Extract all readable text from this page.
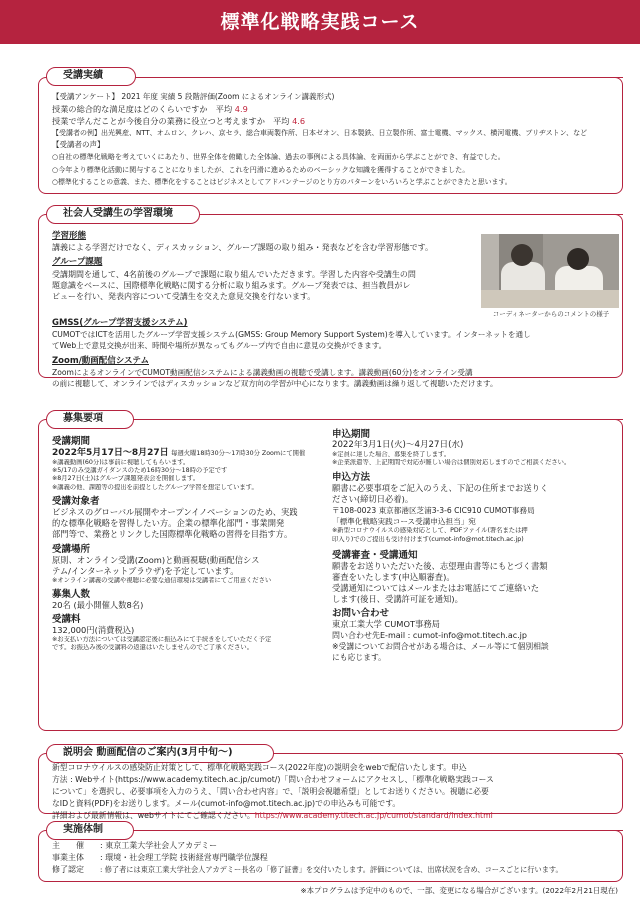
標準化戦略実践コース
受講実績
【受講アンケート】 2021 年度 実績 5 段階評価(Zoom によるオンライン講義形式)
授業の総合的な満足度はどのくらいですか　 平均 4.9
授業で学んだことが今後自分の業務に役立つと考えますか　 平均 4.6
【受講者の例】出光興産、NTT、オムロン、クレハ、京セラ、総合車両製作所、日本ゼオン、日本製鉄、日立製作所、富士電機、マックス、横河電機、ブリヂストン、など
【受講者の声】
○自社の標準化戦略を考えていくにあたり、世界全体を俯瞰した全体論、過去の事例による具体論、を両面から学ぶことができ、有益でした。
○今年より標準化活動に関与することになりましたが、これを円滑に進めるためのベーシックな知識を獲得することができました。
○標準化することの意義、また、標準化をすることはビジネスとしてアドバンテージのとり方のパターンをいろいろと学ぶことができたと思います。
社会人受講生の学習環境
学習形態
講義による学習だけでなく、ディスカッション、グループ課題の取り組み・発表などを含む学習形態です。
グループ課題
受講期間を通して、4名前後のグループで課題に取り組んでいただきます。学習した内容や受講生の問
題意識をベースに、国際標準化戦略に関する分析に取り組みます。グループ発表では、担当教員がレ
ビューを行い、発表内容について受講生を交えた意見交換を行ないます。
GMSS(グループ学習支援システム)
CUMOTではICTを活用したグループ学習支援システム(GMSS: Group Memory Support System)を導入しています。インターネットを通し
てWeb上で意見交換が出来、時間や場所が異なってもグループ内で自由に意見の交換ができます。
Zoom/動画配信システム
ZoomによるオンラインでCUMOT動画配信システムによる講義動画の視聴で受講します。講義動画(60分)をオンライン受講
の前に視聴して、オンラインではディスカッションなど双方向の学習が中心になります。講義動画は繰り返して視聴いただけます。
コーディネーターからのコメントの様子
募集要項
受講期間
2022年5月17日〜8月27日 毎週火曜18時30分〜17時30分 Zoomにて開催
※講義動画(60分)は事前に視聴してもらいます。
※5/17のみ受講ガイダンスのため16時30分〜18時の予定です
※8月27日(土)はグループ課題発表会を開催します。
※講義の他、課題等の提出を前提としたグループ学習を想定しています。
受講対象者
ビジネスのグローバル展開やオープンイノベーションのため、実践
的な標準化戦略を習得したい方。企業の標準化部門・事業開発
部門等で、業務とリンクした国際標準化戦略の習得を目指す方。
受講場所
原則、オンライン受講(Zoom)と動画視聴(動画配信シス
テム/インターネットブラウザ)を予定しています。
※オンライン講義の受講や視聴に必要な通信環境は受講者にてご用意ください
募集人数
20名 (最小開催人数8名)
受講料
132,000円(消費税込)
※お支払い方法については受講認定後に振込みにて手続きをしていただく予定
です。お振込み後の受講料の返還はいたしませんのでご了承ください。
申込期間
2022年3月1日(火)〜4月27日(水)
※定員に達した場合、募集を終了します。
※企業派遣等、上記期間で対応が難しい場合は個別対応しますのでご相談ください。
申込方法
願書に必要事項をご記入のうえ、下記の住所までお送りく
ださい(締切日必着)。
〒108-0023 東京都港区芝浦3-3-6 CIC910 CUMOT事務局
「標準化戦略実践コース受講申込担当」宛
※新型コロナウイルスの感染対応として、PDFファイル(署名または押
印入り)でのご提出も受け付けます(cumot-info@mot.titech.ac.jp)
受講審査・受講通知
願書をお送りいただいた後、志望理由書等にもとづく書類
審査をいたします(申込順審査)。
受講通知についてはメールまたはお電話にてご連絡いた
します(後日、受講許可証を通知)。
お問い合わせ
東京工業大学 CUMOT事務局
問い合わせ先E-mail : cumot-info@mot.titech.ac.jp
※受講についてお問合せがある場合は、メール等にて個別相談
にも応じます。
説明会 動画配信のご案内(3月中旬〜)
新型コロナウイルスの感染防止対策として、標準化戦略実践コース(2022年度)の説明会をwebで配信いたします。申込
方法 : Webサイト(https://www.academy.titech.ac.jp/cumot/)「問い合わせフォームにアクセスし、「標準化戦略実践コース
について」を選択し、必要事項を入力のうえ、「問い合わせ内容」で、「説明会視聴希望」としてお送りください。視聴に必要
なIDと資料(PDF)をお送りします。メール(cumot-info@mot.titech.ac.jp)での申込みも可能です。
詳細および最新情報は、webサイトにてご確認ください。https://www.academy.titech.ac.jp/cumot/standard/index.html
実施体制
主　　催 : 東京工業大学社会人アカデミー
事業主体 : 環境・社会理工学院 技術経営専門職学位課程
修了認定 : 修了者には東京工業大学社会人アカデミー長名の「修了証書」を交付いたします。評価については、出席状況を含め、コースごとに行います。
※本プログラムは予定中のもので、一部、変更になる場合がございます。(2022年2月21日現在)
